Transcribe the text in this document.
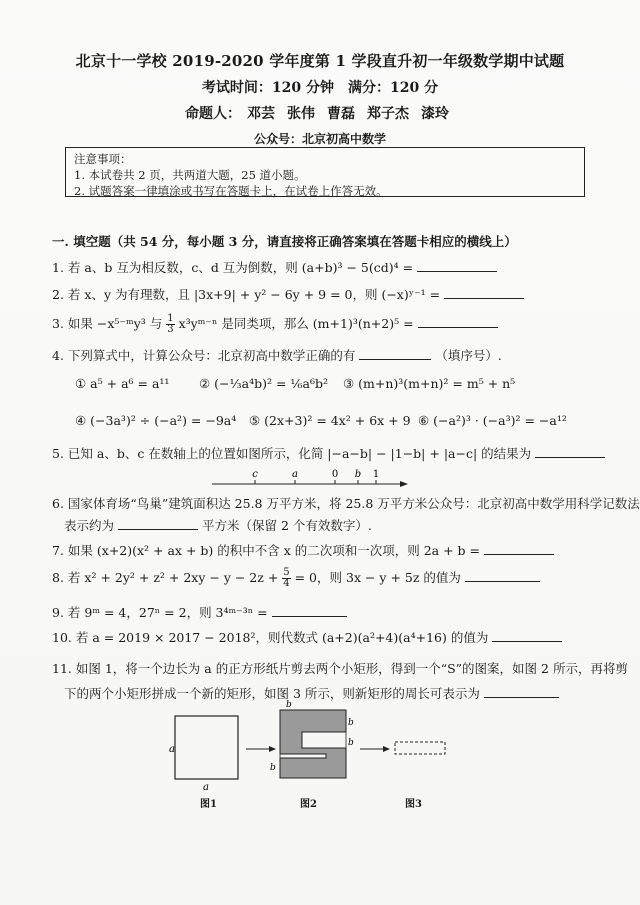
北京十一学校 2019-2020 学年度第 1 学段直升初一年级数学期中试题
考试时间：120 分钟　满分：120 分
命题人： 邓芸 张伟 曹磊 郑子杰 漆玲
公众号：北京初高中数学
注意事项：
1. 本试卷共 2 页，共两道大题，25 道小题。
2. 试题答案一律填涂或书写在答题卡上，在试卷上作答无效。
一. 填空题（共 54 分，每小题 3 分，请直接将正确答案填在答题卡相应的横线上）
1. 若 a、b 互为相反数，c、d 互为倒数，则 (a+b)³ − 5(cd)⁴ =
2. 若 x、y 为有理数，且 |3x+9| + y² − 6y + 9 = 0，则 (−x)ʸ⁻¹ =
3. 如果 −x⁵⁻ᵐy³ 与 $\frac{1}{3}$ x³yᵐ⁻ⁿ 是同类项，那么 (m+1)³(n+2)⁵ =
4. 下列算式中，计算公众号：北京初高中数学正确的有	（填序号）.
① a⁵ + a⁶ = a¹¹ ② (−⅓a⁴b)² = ⅙a⁶b² ③ (m+n)³(m+n)² = m⁵ + n⁵
④ (−3a³)² ÷ (−a²) = −9a⁴ ⑤ (2x+3)² = 4x² + 6x + 9 ⑥ (−a²)³ · (−a³)² = −a¹²
5. 已知 a、b、c 在数轴上的位置如图所示，化简 |−a−b| − |1−b| + |a−c| 的结果为
c	a	0 b 1
6. 国家体育场“鸟巢”建筑面积达 25.8 万平方米，将 25.8 万平方米公众号：北京初高中数学用科学记数法
表示约为	平方米（保留 2 个有效数字）.
7. 如果 (x+2)(x² + ax + b) 的积中不含 x 的二次项和一次项，则 2a + b =
8. 若 $x^2 + 2y^2 + z^2 + 2xy - y - 2z + \frac{5}{4} = 0$，则 3x − y + 5z 的值为
9. 若 9ᵐ = 4，27ⁿ = 2，则 3⁴ᵐ⁻³ⁿ =
10. 若 a = 2019 × 2017 − 2018²，则代数式 (a+2)(a²+4)(a⁴+16) 的值为
11. 如图 1，将一个边长为 a 的正方形纸片剪去两个小矩形，得到一个“S”的图案，如图 2 所示，再将剪
下的两个小矩形拼成一个新的矩形，如图 3 所示，则新矩形的周长可表示为
a
a
b
b
b
b
图1	图2	图3
